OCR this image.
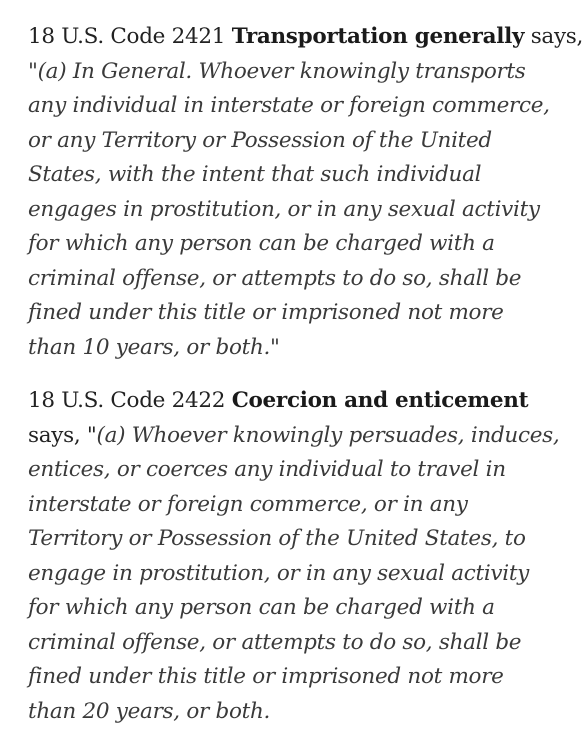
18 U.S. Code 2421 Transportation generally says,
"(a) In General. Whoever knowingly transports
any individual in interstate or foreign commerce,
or any Territory or Possession of the United
States, with the intent that such individual
engages in prostitution, or in any sexual activity
for which any person can be charged with a
criminal offense, or attempts to do so, shall be
fined under this title or imprisoned not more
than 10 years, or both."

18 U.S. Code 2422 Coercion and enticement
says, "(a) Whoever knowingly persuades, induces,
entices, or coerces any individual to travel in
interstate or foreign commerce, or in any
Territory or Possession of the United States, to
engage in prostitution, or in any sexual activity
for which any person can be charged with a
criminal offense, or attempts to do so, shall be
fined under this title or imprisoned not more
than 20 years, or both.
